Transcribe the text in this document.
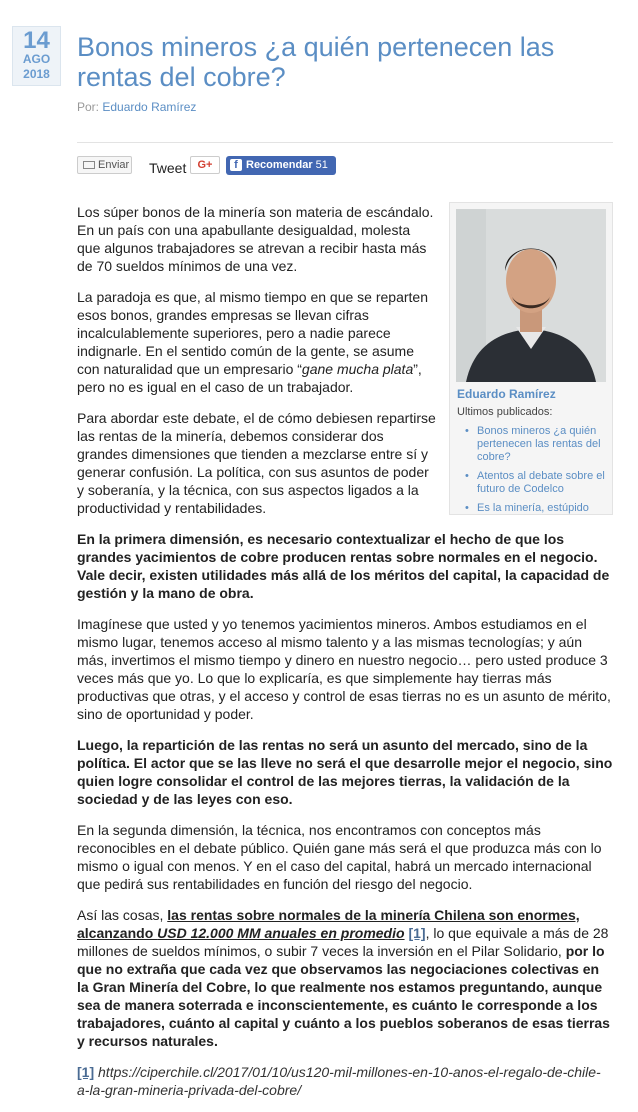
14
AGO
2018
Bonos mineros ¿a quién pertenecen las rentas del cobre?
Por: Eduardo Ramírez
Enviar Tweet	G+	f Recomendar 51
Eduardo Ramírez
Ultimos publicados:
• Bonos mineros ¿a quién pertenecen las rentas del cobre?
• Atentos al debate sobre el futuro de Codelco
• Es la minería, estúpido

Los súper bonos de la minería son materia de escándalo. En un país con una apabullante desigualdad, molesta que algunos trabajadores se atrevan a recibir hasta más de 70 sueldos mínimos de una vez.

La paradoja es que, al mismo tiempo en que se reparten esos bonos, grandes empresas se llevan cifras incalculablemente superiores, pero a nadie parece indignarle. En el sentido común de la gente, se asume con naturalidad que un empresario “gane mucha plata”, pero no es igual en el caso de un trabajador.

Para abordar este debate, el de cómo debiesen repartirse las rentas de la minería, debemos considerar dos grandes dimensiones que tienden a mezclarse entre sí y generar confusión. La política, con sus asuntos de poder y soberanía, y la técnica, con sus aspectos ligados a la productividad y rentabilidades.

En la primera dimensión, es necesario contextualizar el hecho de que los grandes yacimientos de cobre producen rentas sobre normales en el negocio. Vale decir, existen utilidades más allá de los méritos del capital, la capacidad de gestión y la mano de obra.

Imagínese que usted y yo tenemos yacimientos mineros. Ambos estudiamos en el mismo lugar, tenemos acceso al mismo talento y a las mismas tecnologías; y aún más, invertimos el mismo tiempo y dinero en nuestro negocio… pero usted produce 3 veces más que yo. Lo que lo explicaría, es que simplemente hay tierras más productivas que otras, y el acceso y control de esas tierras no es un asunto de mérito, sino de oportunidad y poder.

Luego, la repartición de las rentas no será un asunto del mercado, sino de la política. El actor que se las lleve no será el que desarrolle mejor el negocio, sino quien logre consolidar el control de las mejores tierras, la validación de la sociedad y de las leyes con eso.

En la segunda dimensión, la técnica, nos encontramos con conceptos más reconocibles en el debate público. Quién gane más será el que produzca más con lo mismo o igual con menos. Y en el caso del capital, habrá un mercado internacional que pedirá sus rentabilidades en función del riesgo del negocio.

Así las cosas, las rentas sobre normales de la minería Chilena son enormes, alcanzando USD 12.000 MM anuales en promedio [1], lo que equivale a más de 28 millones de sueldos mínimos, o subir 7 veces la inversión en el Pilar Solidario, por lo que no extraña que cada vez que observamos las negociaciones colectivas en la Gran Minería del Cobre, lo que realmente nos estamos preguntando, aunque sea de manera soterrada e inconscientemente, es cuánto le corresponde a los trabajadores, cuánto al capital y cuánto a los pueblos soberanos de esas tierras y recursos naturales.

[1] https://ciperchile.cl/2017/01/10/us120-mil-millones-en-10-anos-el-regalo-de-chile-a-la-gran-mineria-privada-del-cobre/
